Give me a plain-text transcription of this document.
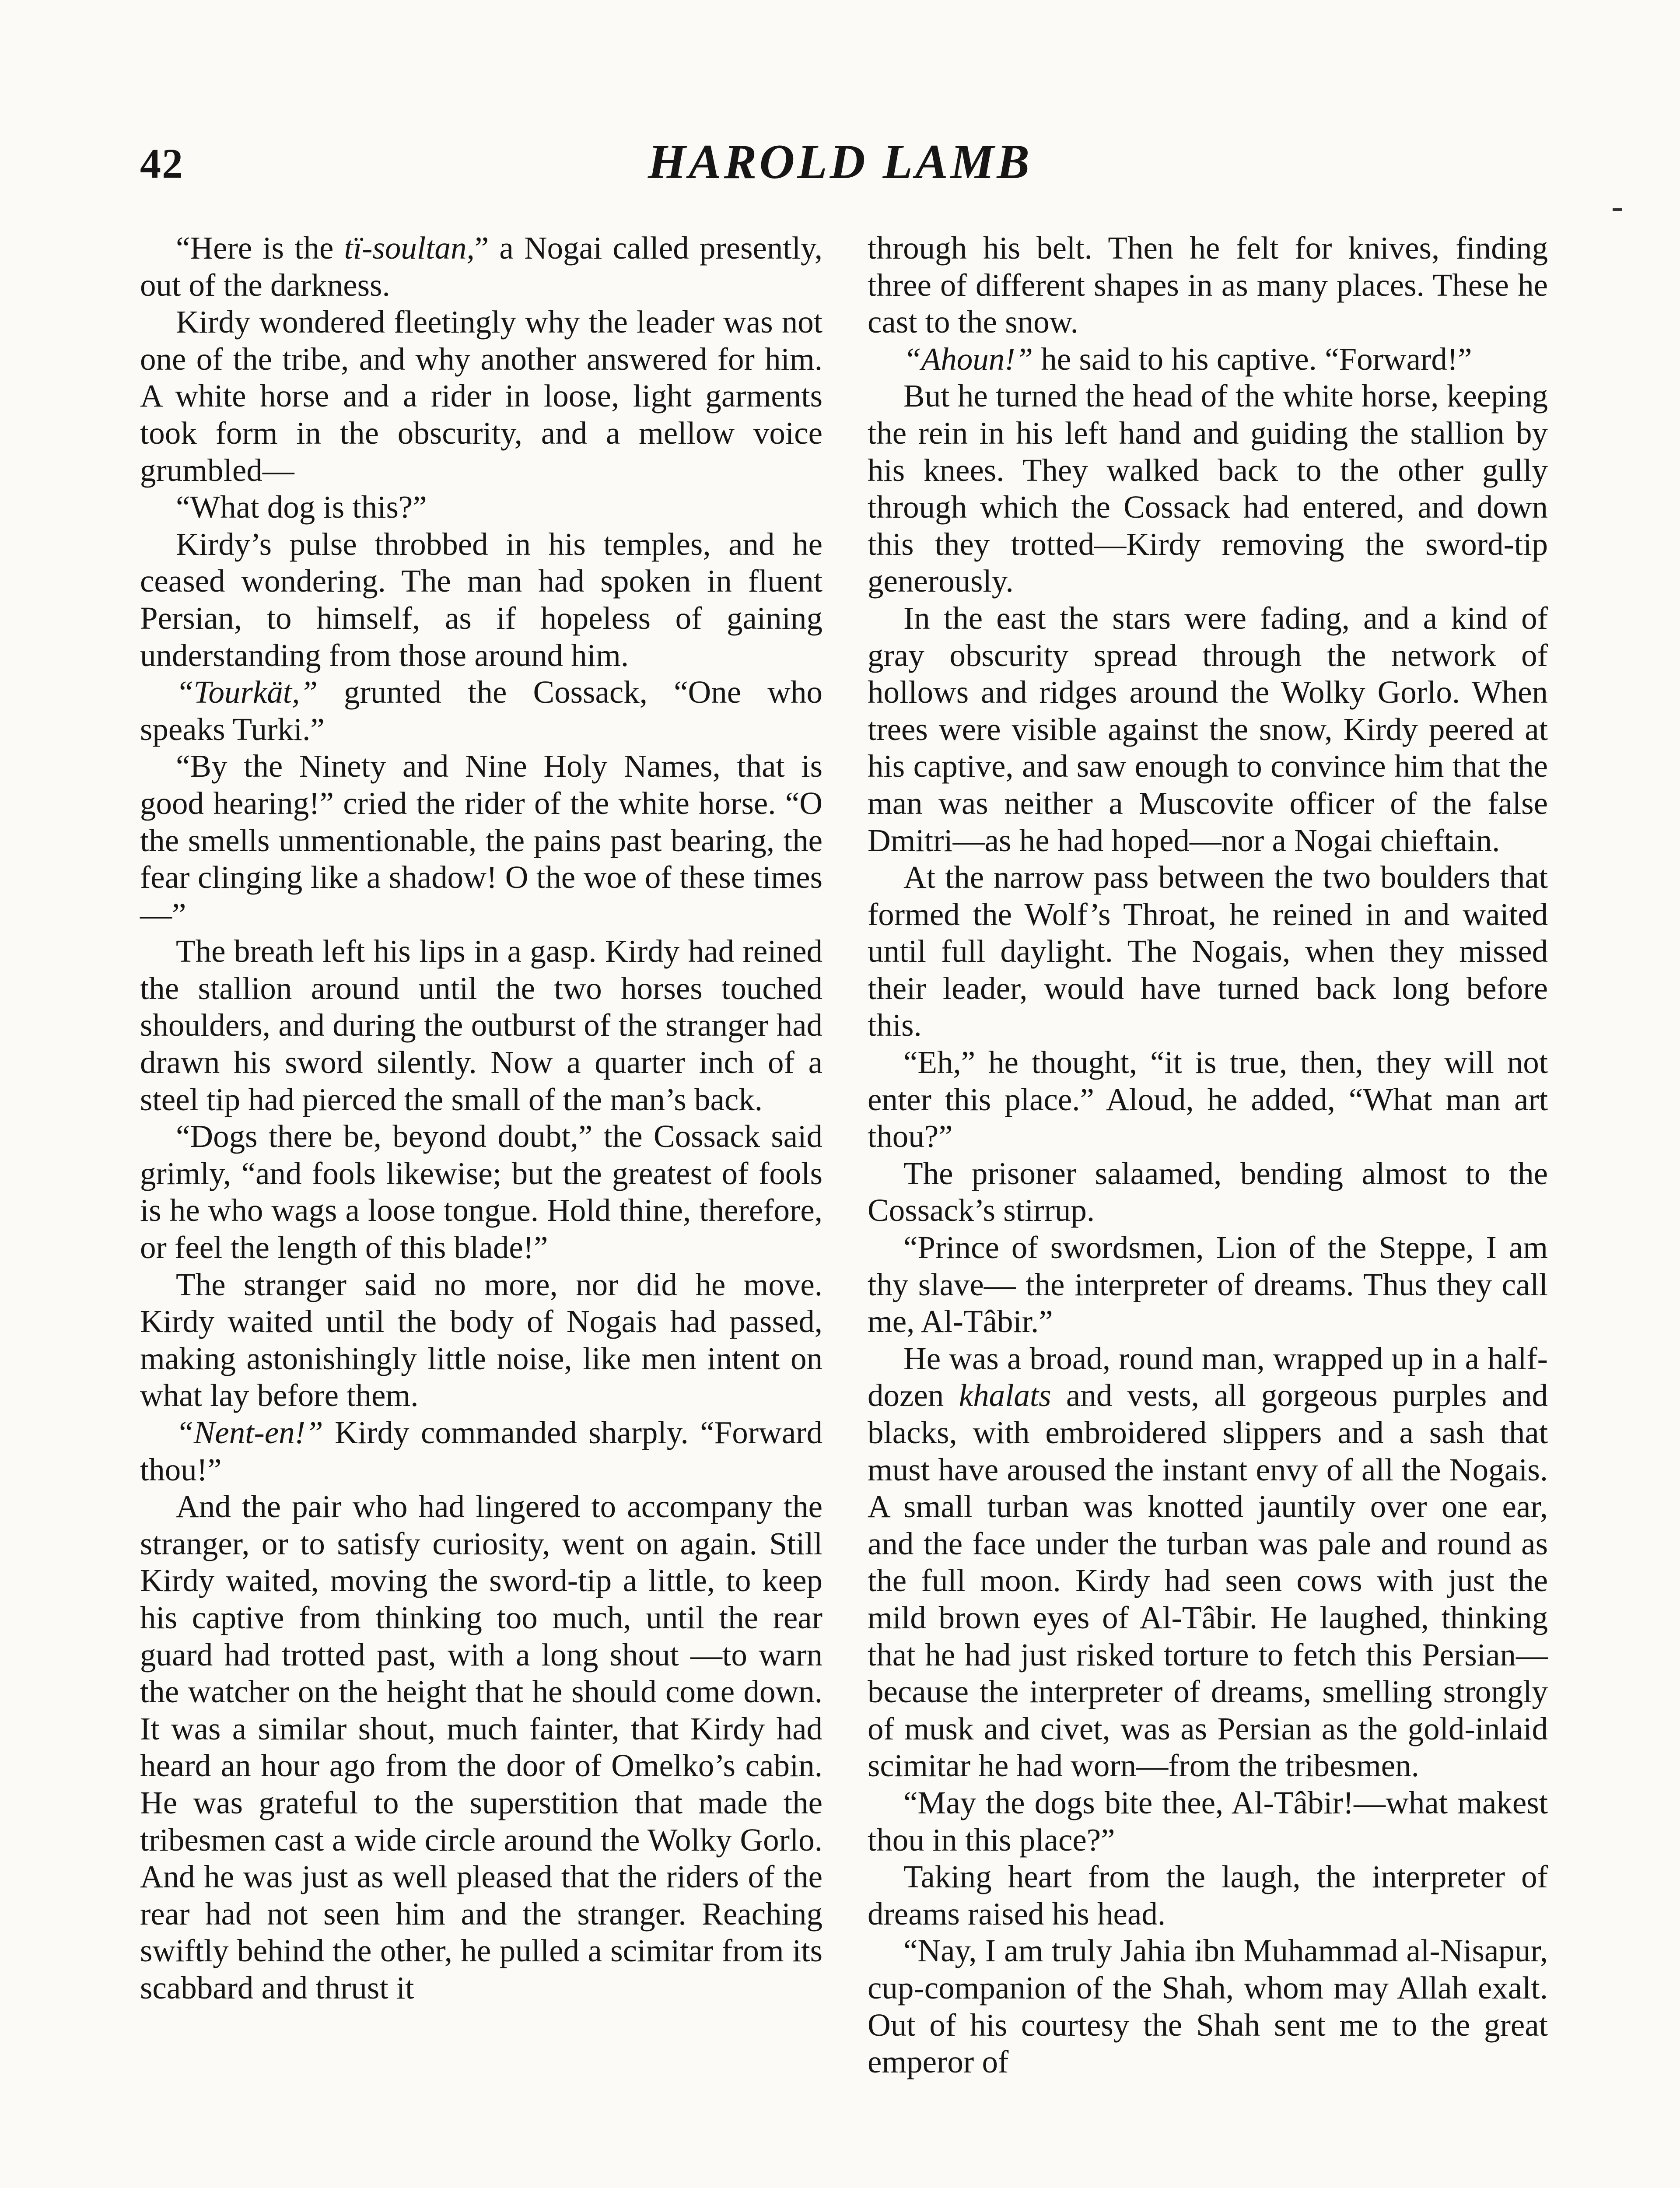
42	HAROLD LAMB

“Here is the tï-soultan,” a Nogai called presently, out of the darkness.

Kirdy wondered fleetingly why the leader was not one of the tribe, and why another answered for him. A white horse and a rider in loose, light garments took form in the obscurity, and a mellow voice grumbled—

“What dog is this?”

Kirdy’s pulse throbbed in his temples, and he ceased wondering. The man had spoken in fluent Persian, to himself, as if hopeless of gaining understanding from those around him.

“Tourkät,” grunted the Cossack, “One who speaks Turki.”

“By the Ninety and Nine Holy Names, that is good hearing!” cried the rider of the white horse. “O the smells unmentionable, the pains past bearing, the fear clinging like a shadow! O the woe of these times—”

The breath left his lips in a gasp. Kirdy had reined the stallion around until the two horses touched shoulders, and during the outburst of the stranger had drawn his sword silently. Now a quarter inch of a steel tip had pierced the small of the man’s back.

“Dogs there be, beyond doubt,” the Cossack said grimly, “and fools likewise; but the greatest of fools is he who wags a loose tongue. Hold thine, therefore, or feel the length of this blade!”

The stranger said no more, nor did he move. Kirdy waited until the body of Nogais had passed, making astonishingly little noise, like men intent on what lay before them.

“Nent-en!” Kirdy commanded sharply. “Forward thou!”

And the pair who had lingered to accompany the stranger, or to satisfy curiosity, went on again. Still Kirdy waited, moving the sword-tip a little, to keep his captive from thinking too much, until the rear guard had trotted past, with a long shout —to warn the watcher on the height that he should come down. It was a similar shout, much fainter, that Kirdy had heard an hour ago from the door of Omelko’s cabin. He was grateful to the superstition that made the tribesmen cast a wide circle around the Wolky Gorlo. And he was just as well pleased that the riders of the rear had not seen him and the stranger. Reaching swiftly behind the other, he pulled a scimitar from its scabbard and thrust it

through his belt. Then he felt for knives, finding three of different shapes in as many places. These he cast to the snow.

“Ahoun!” he said to his captive. “Forward!”

But he turned the head of the white horse, keeping the rein in his left hand and guiding the stallion by his knees. They walked back to the other gully through which the Cossack had entered, and down this they trotted—Kirdy removing the sword-tip generously.

In the east the stars were fading, and a kind of gray obscurity spread through the network of hollows and ridges around the Wolky Gorlo. When trees were visible against the snow, Kirdy peered at his captive, and saw enough to convince him that the man was neither a Muscovite officer of the false Dmitri—as he had hoped—nor a Nogai chieftain.

At the narrow pass between the two boulders that formed the Wolf’s Throat, he reined in and waited until full daylight. The Nogais, when they missed their leader, would have turned back long before this.

“Eh,” he thought, “it is true, then, they will not enter this place.” Aloud, he added, “What man art thou?”

The prisoner salaamed, bending almost to the Cossack’s stirrup.

“Prince of swordsmen, Lion of the Steppe, I am thy slave— the interpreter of dreams. Thus they call me, Al-Tâbir.”

He was a broad, round man, wrapped up in a half-dozen khalats and vests, all gorgeous purples and blacks, with embroidered slippers and a sash that must have aroused the instant envy of all the Nogais. A small turban was knotted jauntily over one ear, and the face under the turban was pale and round as the full moon. Kirdy had seen cows with just the mild brown eyes of Al-Tâbir. He laughed, thinking that he had just risked torture to fetch this Persian—because the interpreter of dreams, smelling strongly of musk and civet, was as Persian as the gold-inlaid scimitar he had worn—from the tribesmen.

“May the dogs bite thee, Al-Tâbir!—what makest thou in this place?”

Taking heart from the laugh, the interpreter of dreams raised his head.

“Nay, I am truly Jahia ibn Muhammad al-Nisapur, cup-companion of the Shah, whom may Allah exalt. Out of his courtesy the Shah sent me to the great emperor of
